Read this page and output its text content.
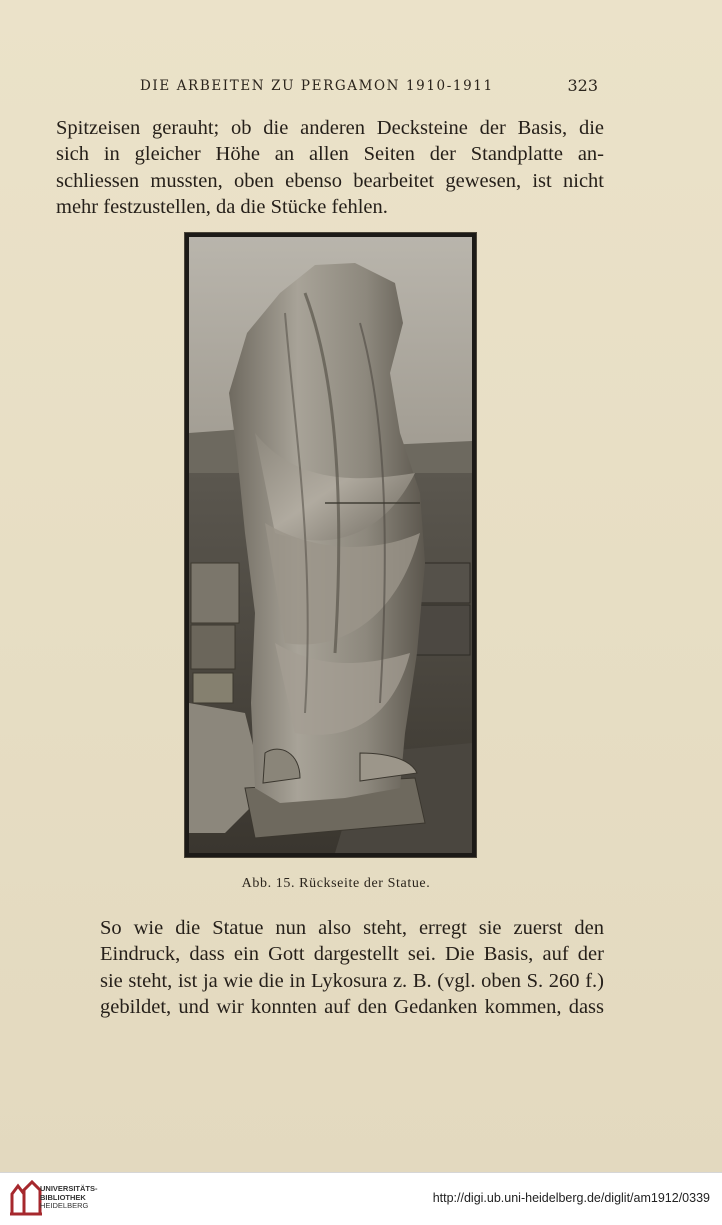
DIE ARBEITEN ZU PERGAMON 1910-1911	323
Spitzeisen gerauht; ob die anderen Decksteine der Basis, die
sich in gleicher Höhe an allen Seiten der Standplatte an-
schliessen mussten, oben ebenso bearbeitet gewesen, ist nicht
mehr festzustellen, da die Stücke fehlen.
Abb. 15. Rückseite der Statue.
So wie die Statue nun also steht, erregt sie zuerst den
Eindruck, dass ein Gott dargestellt sei. Die Basis, auf der
sie steht, ist ja wie die in Lykosura z. B. (vgl. oben S. 260 f.)
gebildet, und wir konnten auf den Gedanken kommen, dass
UNIVERSITÄTS-
BIBLIOTHEK
HEIDELBERG
http://digi.ub.uni-heidelberg.de/diglit/am1912/0339
